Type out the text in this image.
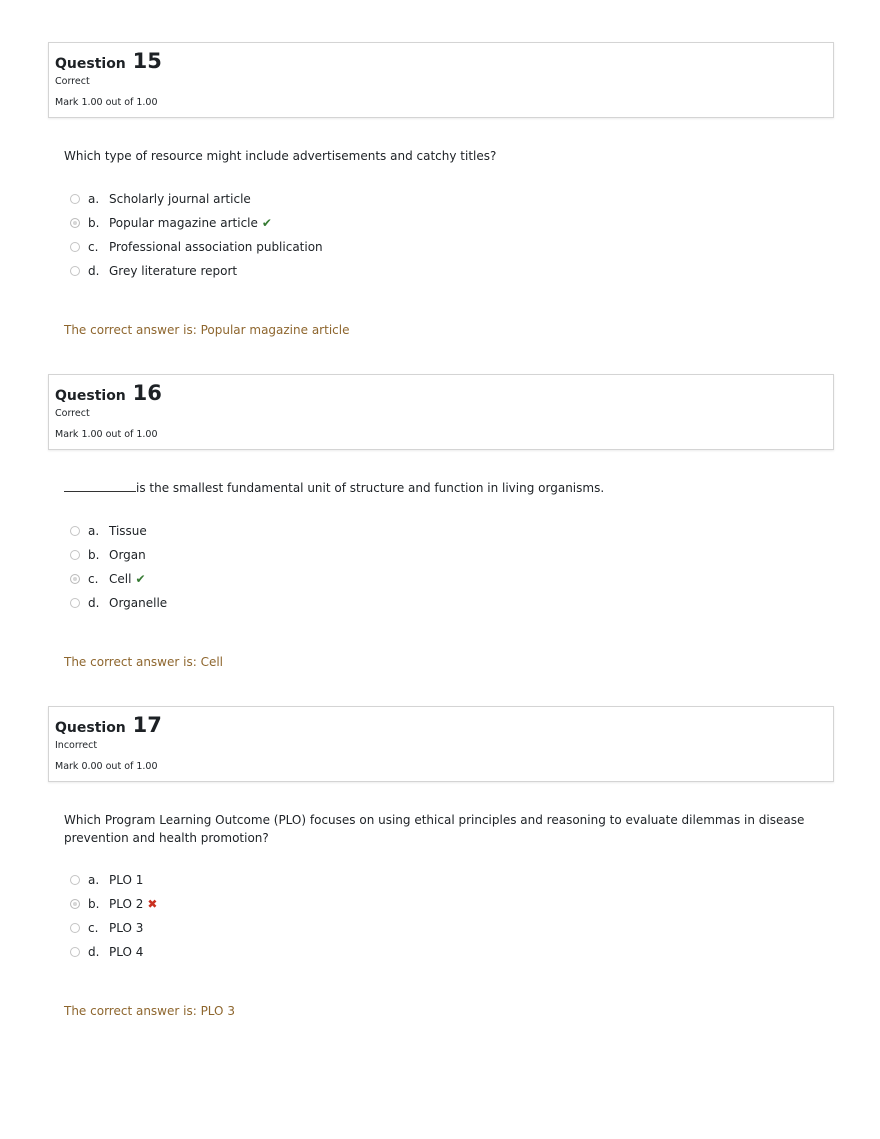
Question 15
Correct
Mark 1.00 out of 1.00
Which type of resource might include advertisements and catchy titles?
a. Scholarly journal article
b. Popular magazine article ✔
c. Professional association publication
d. Grey literature report
The correct answer is: Popular magazine article
Question 16
Correct
Mark 1.00 out of 1.00
is the smallest fundamental unit of structure and function in living organisms.
a. Tissue
b. Organ
c. Cell ✔
d. Organelle
The correct answer is: Cell
Question 17
Incorrect
Mark 0.00 out of 1.00
Which Program Learning Outcome (PLO) focuses on using ethical principles and reasoning to evaluate dilemmas in disease prevention and health promotion?
a. PLO 1
b. PLO 2 ✖
c. PLO 3
d. PLO 4
The correct answer is: PLO 3
